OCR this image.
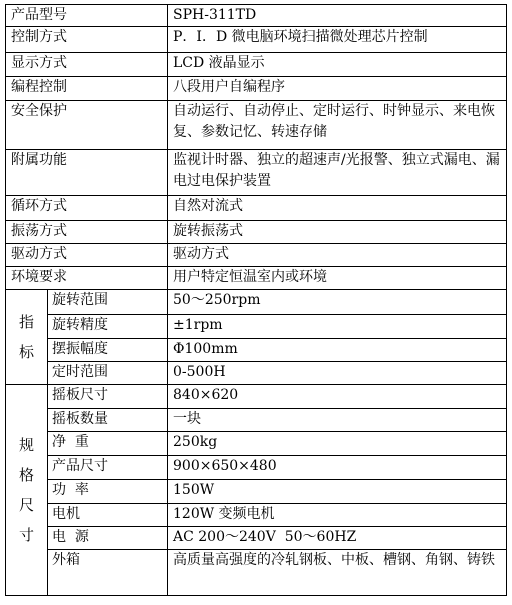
产品型号		SPH-311TD
控制方式		P．I．D 微电脑环境扫描微处理芯片控制
显示方式		LCD 液晶显示
编程控制		八段用户自编程序
安全保护		自动运行、自动停止、定时运行、时钟显示、来电恢复、参数记忆、转速存储
附属功能		监视计时器、独立的超速声/光报警、独立式漏电、漏电过电保护装置
循环方式		自然对流式
振荡方式		旋转振荡式
驱动方式		驱动方式
环境要求		用户特定恒温室内或环境
指标	旋转范围	50～250rpm
	旋转精度	±1rpm
	摆振幅度	Φ100mm
	定时范围	0-500H
规格尺寸	摇板尺寸	840×620
	摇板数量	一块
	净  重	250kg
	产品尺寸	900×650×480
	功  率	150W
	电机	120W 变频电机
	电  源	AC 200～240V  50～60HZ
	外箱	高质量高强度的冷轧钢板、中板、槽钢、角钢、铸铁
